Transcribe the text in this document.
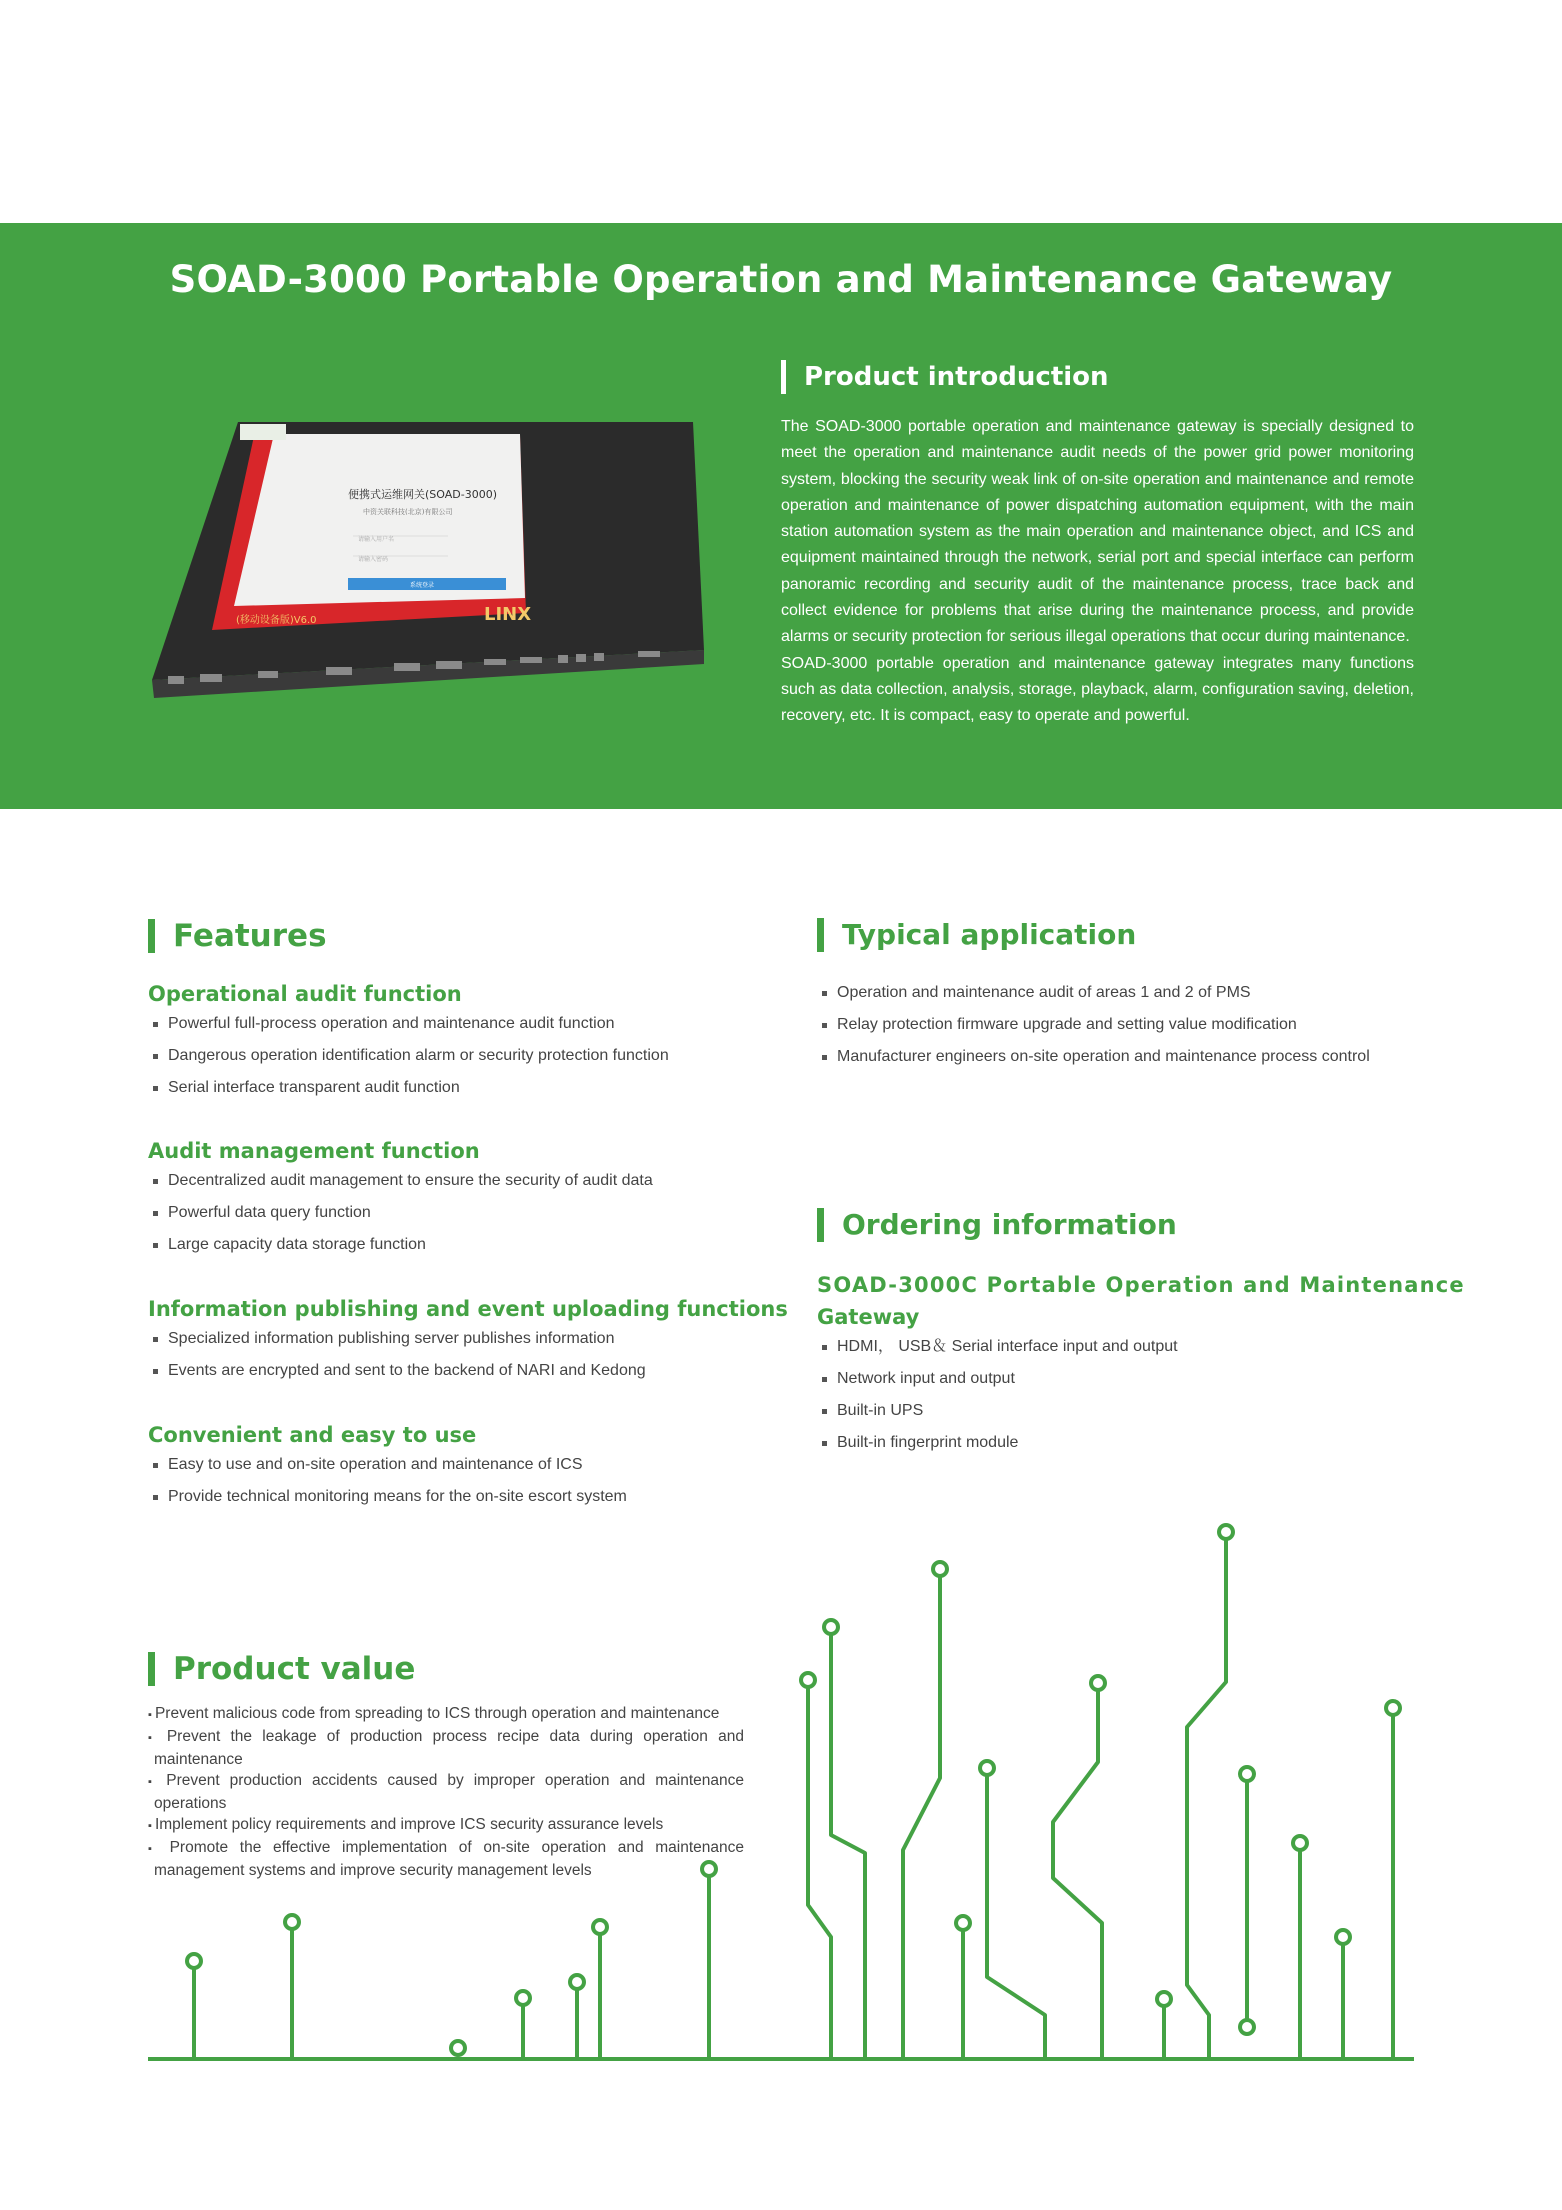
SOAD-3000 Portable Operation and Maintenance Gateway
Product introduction

The SOAD-3000 portable operation and maintenance gateway is specially designed to meet the operation and maintenance audit needs of the power grid power monitoring system, blocking the security weak link of on-site operation and maintenance and remote operation and maintenance of power dispatching automation equipment, with the main station automation system as the main operation and maintenance object, and ICS and equipment maintained through the network, serial port and special interface can perform panoramic recording and security audit of the maintenance process, trace back and collect evidence for problems that arise during the maintenance process, and provide alarms or security protection for serious illegal operations that occur during maintenance.

SOAD-3000 portable operation and maintenance gateway integrates many functions such as data collection, analysis, storage, playback, alarm, configuration saving, deletion, recovery, etc. It is compact, easy to operate and powerful.

便携式运维网关(SOAD-3000)
中资关联科技(北京)有限公司
请输入用户名
请输入密码
系统登录
(移动设备版)V6.0	LINX
Features
Operational audit function
Powerful full-process operation and maintenance audit function
Dangerous operation identification alarm or security protection function
Serial interface transparent audit function
Audit management function
Decentralized audit management to ensure the security of audit data
Powerful data query function
Large capacity data storage function
Information publishing and event uploading functions
Specialized information publishing server publishes information
Events are encrypted and sent to the backend of NARI and Kedong
Convenient and easy to use
Easy to use and on-site operation and maintenance of ICS
Provide technical monitoring means for the on-site escort system
Typical application
Operation and maintenance audit of areas 1 and 2 of PMS
Relay protection firmware upgrade and setting value modification
Manufacturer engineers on-site operation and maintenance process control
Ordering information
SOAD-3000C Portable Operation and Maintenance
Gateway
HDMI， USB＆ Serial interface input and output
Network input and output
Built-in UPS
Built-in fingerprint module
Product value
▪ Prevent malicious code from spreading to ICS through operation and maintenance
▪ Prevent the leakage of production process recipe data during operation and maintenance
▪ Prevent production accidents caused by improper operation and maintenance operations
▪ Implement policy requirements and improve ICS security assurance levels
▪ Promote the effective implementation of on-site operation and maintenance management systems and improve security management levels
